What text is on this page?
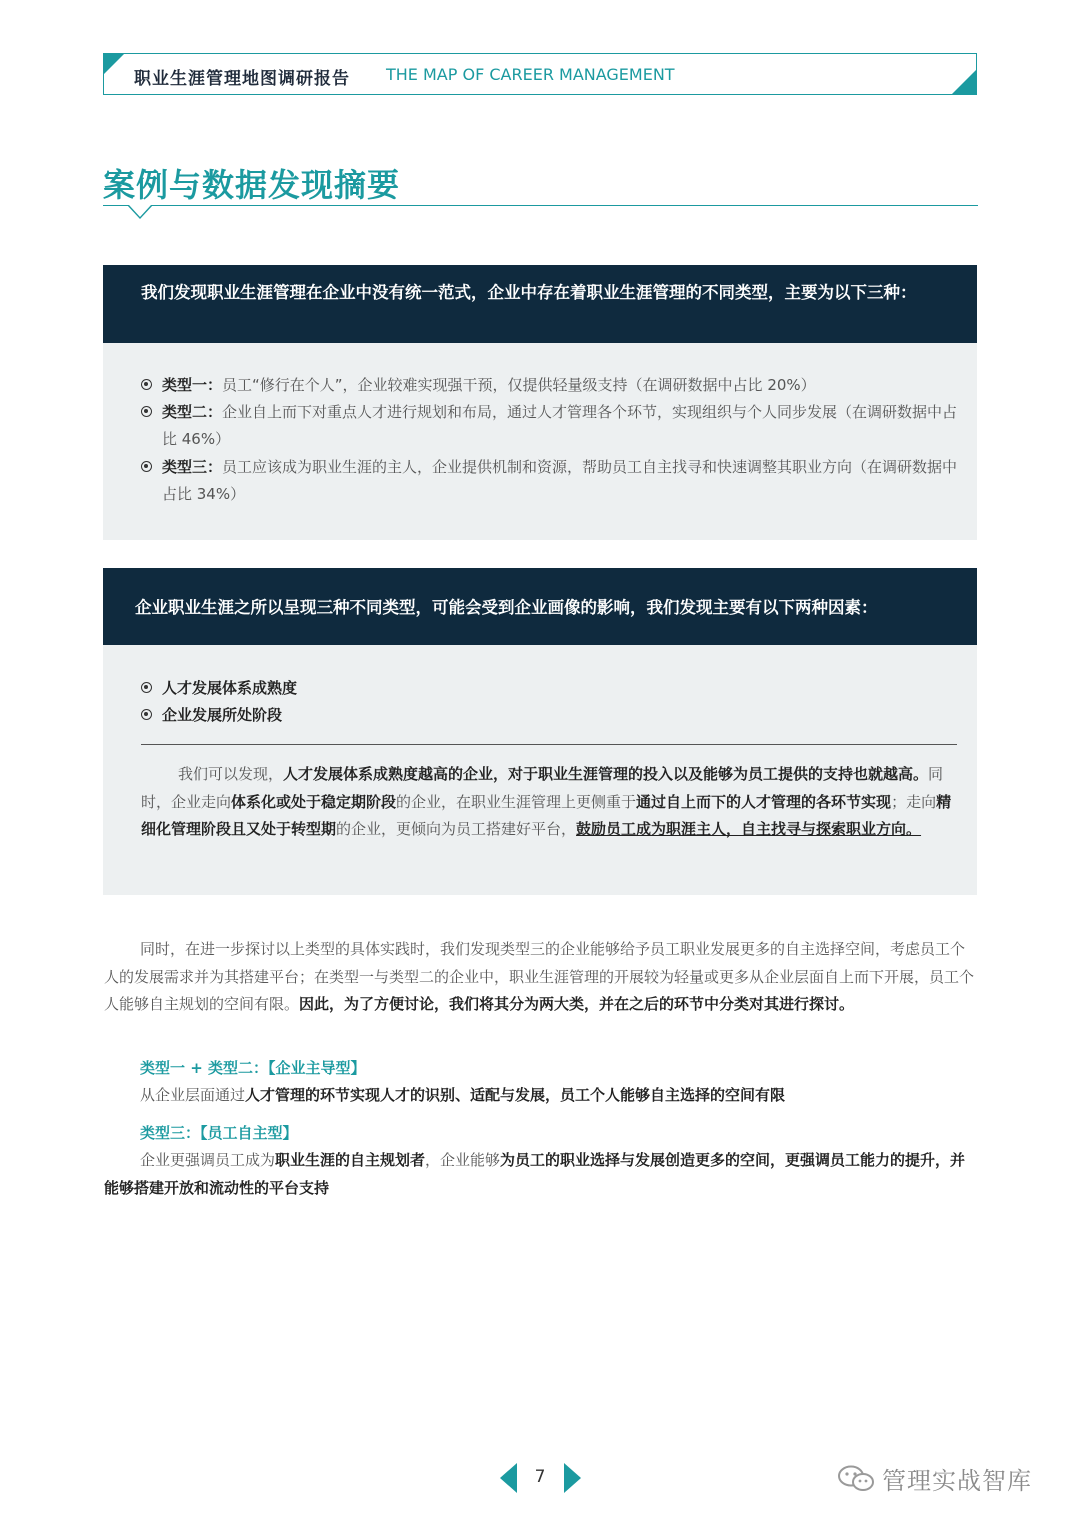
职业生涯管理地图调研报告 THE MAP OF CAREER MANAGEMENT
案例与数据发现摘要
我们发现职业生涯管理在企业中没有统一范式，企业中存在着职业生涯管理的不同类型，主要为以下三种：
类型一：员工“修行在个人”，企业较难实现强干预，仅提供轻量级支持（在调研数据中占比 20%）
类型二：企业自上而下对重点人才进行规划和布局，通过人才管理各个环节，实现组织与个人同步发展（在调研数据中占比 46%）
类型三：员工应该成为职业生涯的主人，企业提供机制和资源，帮助员工自主找寻和快速调整其职业方向（在调研数据中占比 34%）
企业职业生涯之所以呈现三种不同类型，可能会受到企业画像的影响，我们发现主要有以下两种因素：
人才发展体系成熟度
企业发展所处阶段
我们可以发现，人才发展体系成熟度越高的企业，对于职业生涯管理的投入以及能够为员工提供的支持也就越高。同时，企业走向体系化或处于稳定期阶段的企业，在职业生涯管理上更侧重于通过自上而下的人才管理的各环节实现；走向精细化管理阶段且又处于转型期的企业，更倾向为员工搭建好平台，鼓励员工成为职涯主人，自主找寻与探索职业方向。
同时，在进一步探讨以上类型的具体实践时，我们发现类型三的企业能够给予员工职业发展更多的自主选择空间，考虑员工个人的发展需求并为其搭建平台；在类型一与类型二的企业中，职业生涯管理的开展较为轻量或更多从企业层面自上而下开展，员工个人能够自主规划的空间有限。因此，为了方便讨论，我们将其分为两大类，并在之后的环节中分类对其进行探讨。
类型一 + 类型二：【企业主导型】
从企业层面通过人才管理的环节实现人才的识别、适配与发展，员工个人能够自主选择的空间有限
类型三：【员工自主型】
企业更强调员工成为职业生涯的自主规划者，企业能够为员工的职业选择与发展创造更多的空间，更强调员工能力的提升，并能够搭建开放和流动性的平台支持
7	管理实战智库
